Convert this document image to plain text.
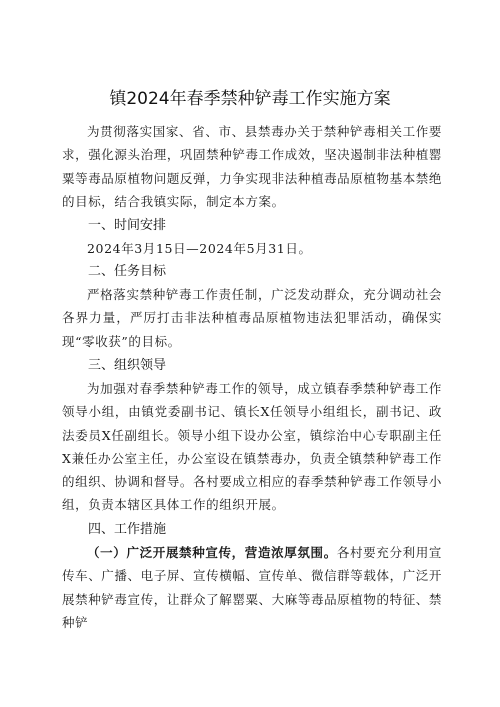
镇2024年春季禁种铲毒工作实施方案

为贯彻落实国家、省、市、县禁毒办关于禁种铲毒相关工作要求，强化源头治理，巩固禁种铲毒工作成效，坚决遏制非法种植罂粟等毒品原植物问题反弹，力争实现非法种植毒品原植物基本禁绝的目标，结合我镇实际，制定本方案。

一、时间安排

2024年3月15日—2024年5月31日。

二、任务目标

严格落实禁种铲毒工作责任制，广泛发动群众，充分调动社会各界力量，严厉打击非法种植毒品原植物违法犯罪活动，确保实现“零收获”的目标。

三、组织领导

为加强对春季禁种铲毒工作的领导，成立镇春季禁种铲毒工作领导小组，由镇党委副书记、镇长X任领导小组组长，副书记、政法委员X任副组长。领导小组下设办公室，镇综治中心专职副主任X兼任办公室主任，办公室设在镇禁毒办，负责全镇禁种铲毒工作的组织、协调和督导。各村要成立相应的春季禁种铲毒工作领导小组，负责本辖区具体工作的组织开展。

四、工作措施

（一）广泛开展禁种宣传，营造浓厚氛围。各村要充分利用宣传车、广播、电子屏、宣传横幅、宣传单、微信群等载体，广泛开展禁种铲毒宣传，让群众了解罂粟、大麻等毒品原植物的特征、禁种铲
